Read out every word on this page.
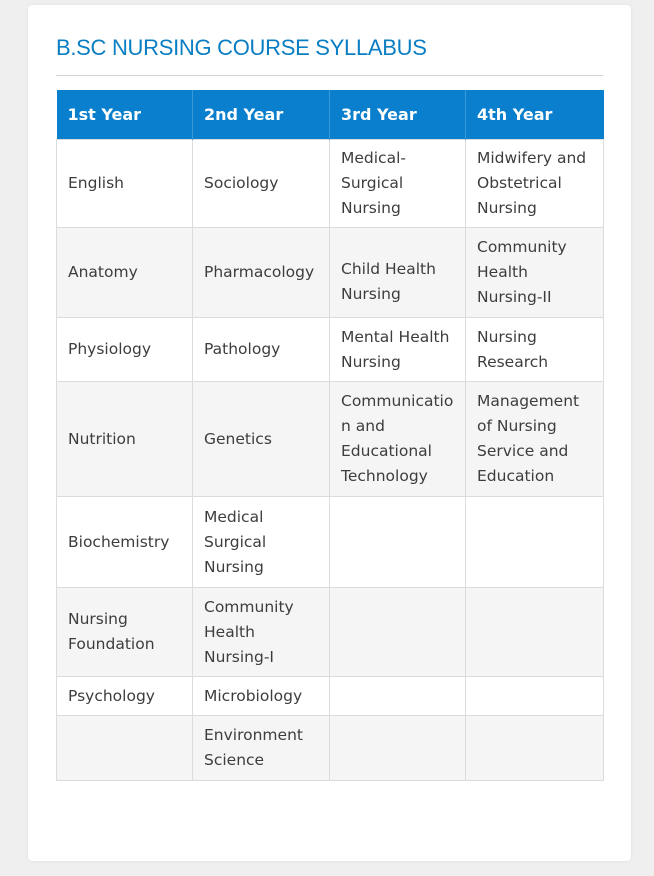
B.SC NURSING COURSE SYLLABUS
1st Year	2nd Year	3rd Year	4th Year
English	Sociology	Medical-Surgical Nursing	Midwifery and Obstetrical Nursing
Anatomy	Pharmacology	Child Health Nursing	Community Health Nursing-II
Physiology	Pathology	Mental Health Nursing	Nursing Research
Nutrition	Genetics	Communication and Educational Technology	Management of Nursing Service and Education
Biochemistry	Medical Surgical Nursing		
Nursing Foundation	Community Health Nursing-I		
Psychology	Microbiology		
	Environment Science		
